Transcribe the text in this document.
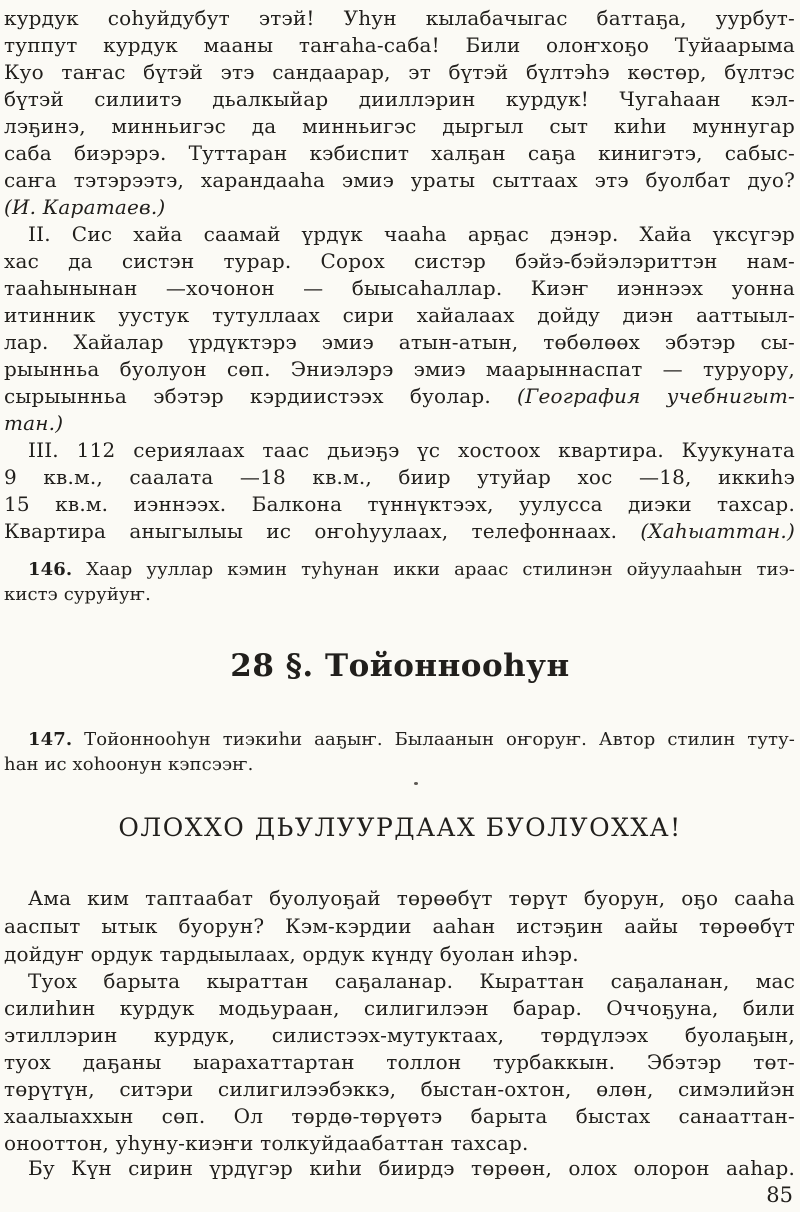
курдук соһуйдубут этэй! Уһун кылабачыгас баттаҕа, уурбут-
туппут курдук мааны таҥаһа-саба! Били олоҥхоҕо Туйаарыма
Куо таҥас бүтэй этэ сандаарар, эт бүтэй бүлтэһэ көстөр, бүлтэс
бүтэй силиитэ дьалкыйар дииллэрин курдук! Чугаһаан кэл-
лэҕинэ, минньигэс да минньигэс дыргыл сыт киһи муннугар
саба биэрэрэ. Туттаран кэбиспит халҕан саҕа кинигэтэ, сабыс-
саҥа тэтэрээтэ, харандааһа эмиэ ураты сыттаах этэ буолбат дуо?
(И. Каратаев.)
II. Сис хайа саамай үрдүк чааһа арҕас дэнэр. Хайа үксүгэр
хас да систэн турар. Сорох систэр бэйэ-бэйэлэриттэн нам-
тааһынынан —хочонон — быысаһаллар. Киэҥ иэннээх уонна
итинник уустук тутуллаах сири хайалаах дойду диэн ааттыыл-
лар. Хайалар үрдүктэрэ эмиэ атын-атын, төбөлөөх эбэтэр сы-
рыынньа буолуон сөп. Эниэлэрэ эмиэ маарыннаспат — туруору,
сырыынньа эбэтэр кэрдиистээх буолар. (География учебнигыт-
тан.)
III. 112 сериялаах таас дьиэҕэ үс хостоох квартира. Куукуната
9 кв.м., саалата —18 кв.м., биир утуйар хос —18, иккиһэ
15 кв.м. иэннээх. Балкона түннүктээх, уулусса диэки тахсар.
Квартира аныгылыы ис оҥоһуулаах, телефоннаах. (Хаһыаттан.)
146. Хаар ууллар кэмин туһунан икки араас стилинэн ойуулааһын тиэ-
кистэ суруйуҥ.
28 §. Тойоннооһун
147. Тойоннооһун тиэкиһи ааҕыҥ. Былаанын оҥоруҥ. Автор стилин туту-
һан ис хоһоонун кэпсээҥ.
ОЛОХХО ДЬУЛУУРДААХ БУОЛУОХХА!
Ама ким таптаабат буолуоҕай төрөөбүт төрүт буорун, оҕо сааһа
ааспыт ытык буорун? Кэм-кэрдии ааһан истэҕин аайы төрөөбүт
дойдуҥ ордук тардыылаах, ордук күндү буолан иһэр.
Туох барыта кыраттан саҕаланар. Кыраттан саҕаланан, мас
силиһин курдук модьураан, силигилээн барар. Оччоҕуна, били
этиллэрин курдук, силистээх-мутуктаах, төрдүлээх буолаҕын,
туох даҕаны ыарахаттартан толлон турбаккын. Эбэтэр төт-
төрүтүн, ситэри силигилээбэккэ, быстан-охтон, өлөн, симэлийэн
хаалыаххын сөп. Ол төрдө-төрүөтэ барыта быстах санааттан-
онооттон, уһуну-киэҥи толкуйдаабаттан тахсар.
Бу Күн сирин үрдүгэр киһи биирдэ төрөөн, олох олорон ааһар.
85
